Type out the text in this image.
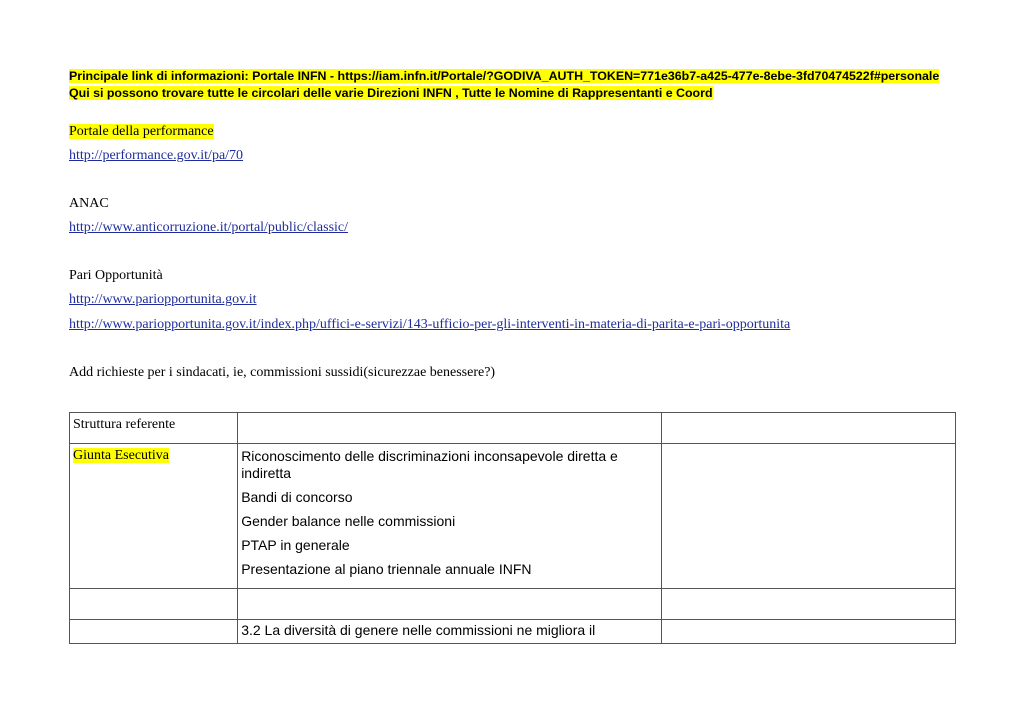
Principale link di informazioni: Portale INFN - https://iam.infn.it/Portale/?GODIVA_AUTH_TOKEN=771e36b7-a425-477e-8ebe-3fd70474522f#personale Qui si possono trovare tutte le circolari delle varie Direzioni INFN , Tutte le Nomine di Rappresentanti e Coord
Portale della performance
http://performance.gov.it/pa/70
ANAC
http://www.anticorruzione.it/portal/public/classic/
Pari Opportunità
http://www.pariopportunita.gov.it
http://www.pariopportunita.gov.it/index.php/uffici-e-servizi/143-ufficio-per-gli-interventi-in-materia-di-parita-e-pari-opportunita
Add richieste per i sindacati, ie, commissioni sussidi(sicurezzae benessere?)
Struttura referente		
Giunta Esecutiva	Riconoscimento delle discriminazioni inconsapevole diretta e indiretta
Bandi di concorso
Gender balance nelle commissioni
PTAP in generale
Presentazione al piano triennale annuale INFN	

	3.2 La diversità di genere nelle commissioni ne migliora il	
